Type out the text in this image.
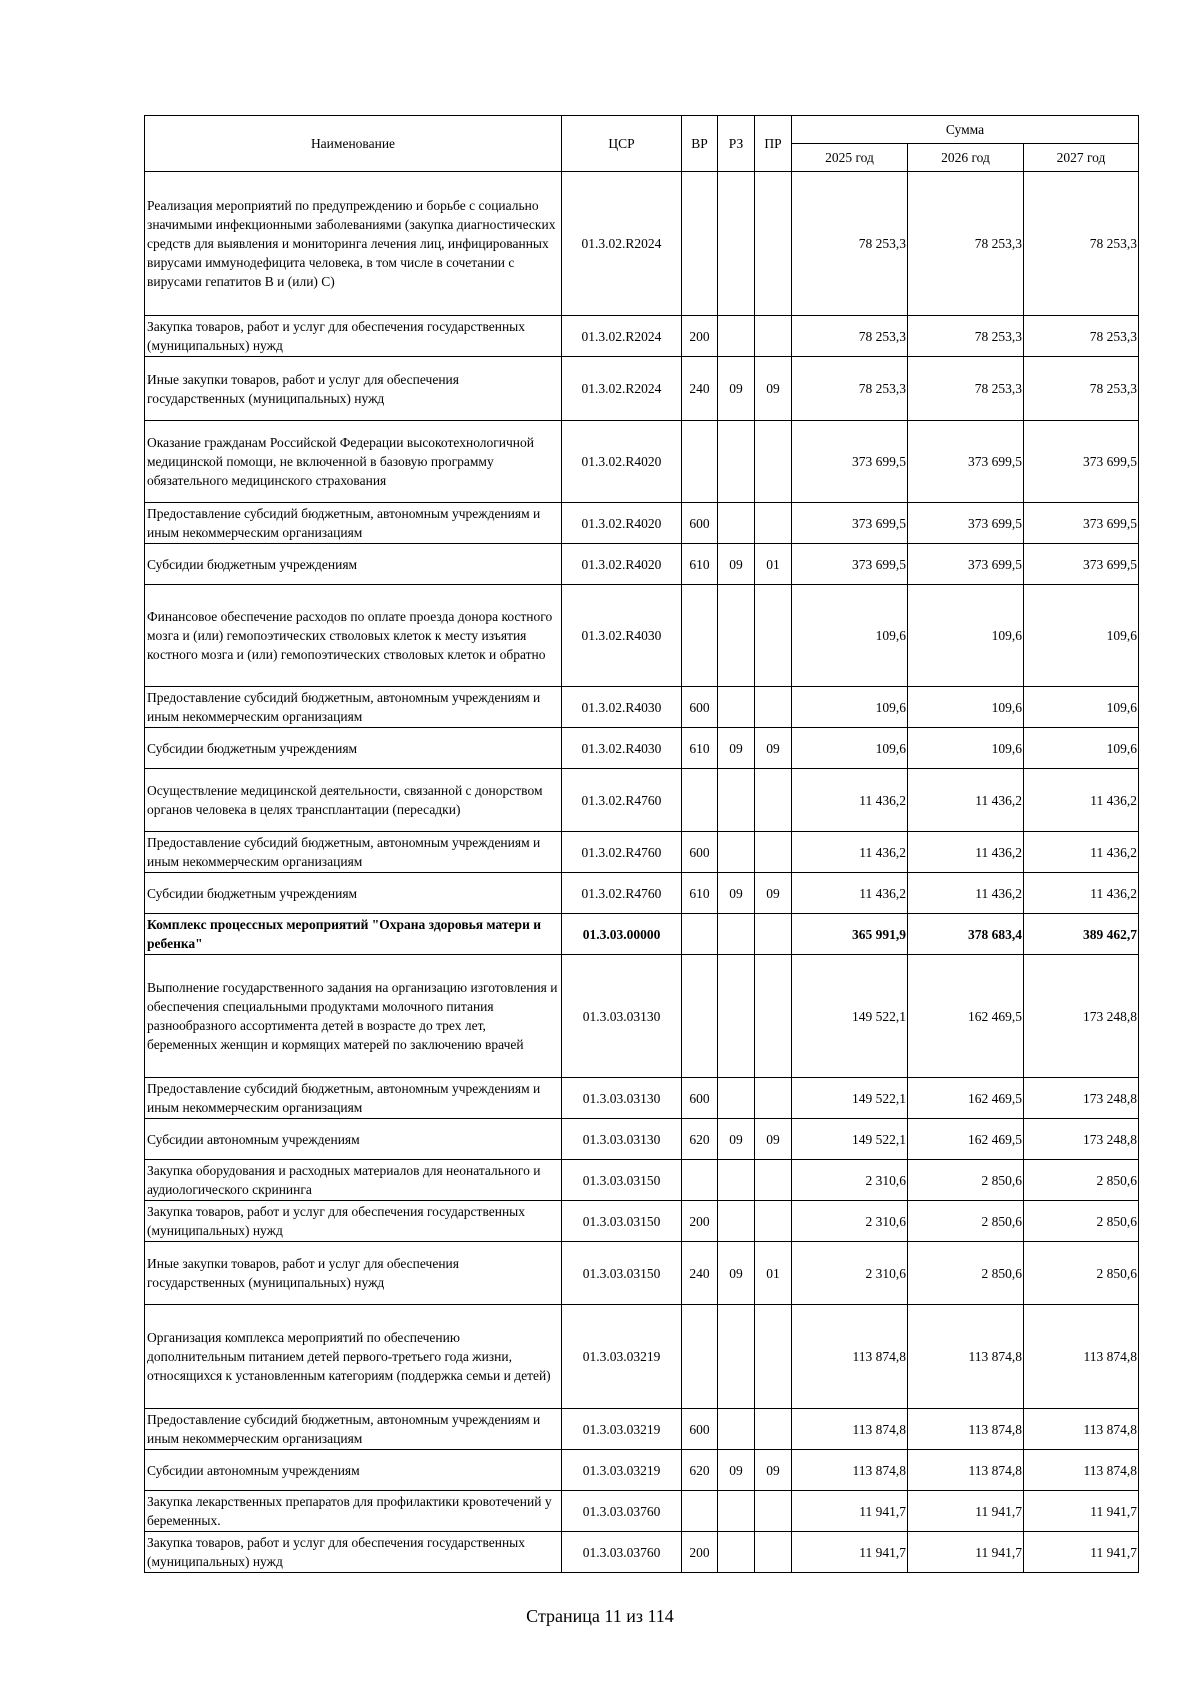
Наименование	ЦСР	ВР	РЗ	ПР	Сумма		
					2025 год	2026 год	2027 год
Реализация мероприятий по предупреждению и борьбе с социально значимыми инфекционными заболеваниями (закупка диагностических средств для выявления и мониторинга лечения лиц, инфицированных вирусами иммунодефицита человека, в том числе в сочетании с вирусами гепатитов В и (или) С)	01.3.02.R2024				78 253,3	78 253,3	78 253,3
Закупка товаров, работ и услуг для обеспечения государственных (муниципальных) нужд	01.3.02.R2024	200			78 253,3	78 253,3	78 253,3
Иные закупки товаров, работ и услуг для обеспечения государственных (муниципальных) нужд	01.3.02.R2024	240	09	09	78 253,3	78 253,3	78 253,3
Оказание гражданам Российской Федерации высокотехнологичной медицинской помощи, не включенной в базовую программу обязательного медицинского страхования	01.3.02.R4020				373 699,5	373 699,5	373 699,5
Предоставление субсидий бюджетным, автономным учреждениям и иным некоммерческим организациям	01.3.02.R4020	600			373 699,5	373 699,5	373 699,5
Субсидии бюджетным учреждениям	01.3.02.R4020	610	09	01	373 699,5	373 699,5	373 699,5
Финансовое обеспечение расходов по оплате проезда донора костного мозга и (или) гемопоэтических стволовых клеток к месту изъятия костного мозга и (или) гемопоэтических стволовых клеток и обратно	01.3.02.R4030				109,6	109,6	109,6
Предоставление субсидий бюджетным, автономным учреждениям и иным некоммерческим организациям	01.3.02.R4030	600			109,6	109,6	109,6
Субсидии бюджетным учреждениям	01.3.02.R4030	610	09	09	109,6	109,6	109,6
Осуществление медицинской деятельности, связанной с донорством органов человека в целях трансплантации (пересадки)	01.3.02.R4760				11 436,2	11 436,2	11 436,2
Предоставление субсидий бюджетным, автономным учреждениям и иным некоммерческим организациям	01.3.02.R4760	600			11 436,2	11 436,2	11 436,2
Субсидии бюджетным учреждениям	01.3.02.R4760	610	09	09	11 436,2	11 436,2	11 436,2
Комплекс процессных мероприятий "Охрана здоровья матери и ребенка"	01.3.03.00000				365 991,9	378 683,4	389 462,7
Выполнение государственного задания на организацию изготовления и обеспечения специальными продуктами молочного питания разнообразного ассортимента детей в возрасте до трех лет, беременных женщин и кормящих матерей по заключению врачей	01.3.03.03130				149 522,1	162 469,5	173 248,8
Предоставление субсидий бюджетным, автономным учреждениям и иным некоммерческим организациям	01.3.03.03130	600			149 522,1	162 469,5	173 248,8
Субсидии автономным учреждениям	01.3.03.03130	620	09	09	149 522,1	162 469,5	173 248,8
Закупка оборудования и расходных материалов для неонатального и аудиологического скрининга	01.3.03.03150				2 310,6	2 850,6	2 850,6
Закупка товаров, работ и услуг для обеспечения государственных (муниципальных) нужд	01.3.03.03150	200			2 310,6	2 850,6	2 850,6
Иные закупки товаров, работ и услуг для обеспечения государственных (муниципальных) нужд	01.3.03.03150	240	09	01	2 310,6	2 850,6	2 850,6
Организация комплекса мероприятий по обеспечению дополнительным питанием детей первого-третьего года жизни, относящихся к установленным категориям (поддержка семьи и детей)	01.3.03.03219				113 874,8	113 874,8	113 874,8
Предоставление субсидий бюджетным, автономным учреждениям и иным некоммерческим организациям	01.3.03.03219	600			113 874,8	113 874,8	113 874,8
Субсидии автономным учреждениям	01.3.03.03219	620	09	09	113 874,8	113 874,8	113 874,8
Закупка лекарственных препаратов для профилактики кровотечений у беременных.	01.3.03.03760				11 941,7	11 941,7	11 941,7
Закупка товаров, работ и услуг для обеспечения государственных (муниципальных) нужд	01.3.03.03760	200			11 941,7	11 941,7	11 941,7
Страница 11 из 114
